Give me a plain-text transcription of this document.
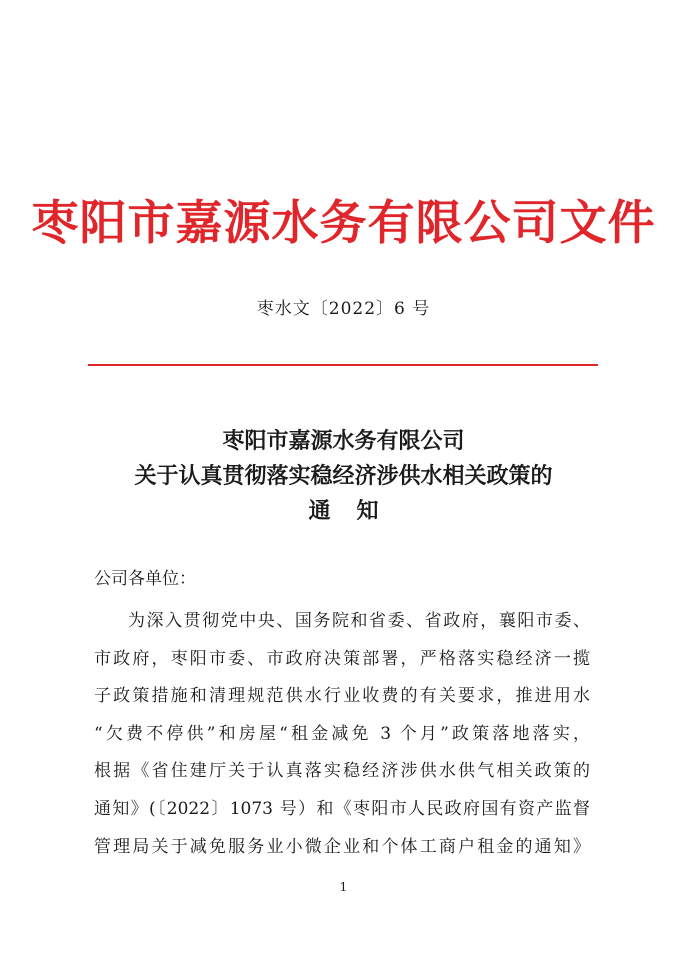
枣阳市嘉源水务有限公司文件
枣水文〔2022〕6 号
枣阳市嘉源水务有限公司
关于认真贯彻落实稳经济涉供水相关政策的
通知
公司各单位：
为深入贯彻党中央、国务院和省委、省政府，襄阳市委、
市政府，枣阳市委、市政府决策部署，严格落实稳经济一揽
子政策措施和清理规范供水行业收费的有关要求，推进用水
“欠费不停供”和房屋“租金减免 3 个月”政策落地落实，
根据《省住建厅关于认真落实稳经济涉供水供气相关政策的
通知》(〔2022〕1073 号）和《枣阳市人民政府国有资产监督
管理局关于减免服务业小微企业和个体工商户租金的通知》
1
